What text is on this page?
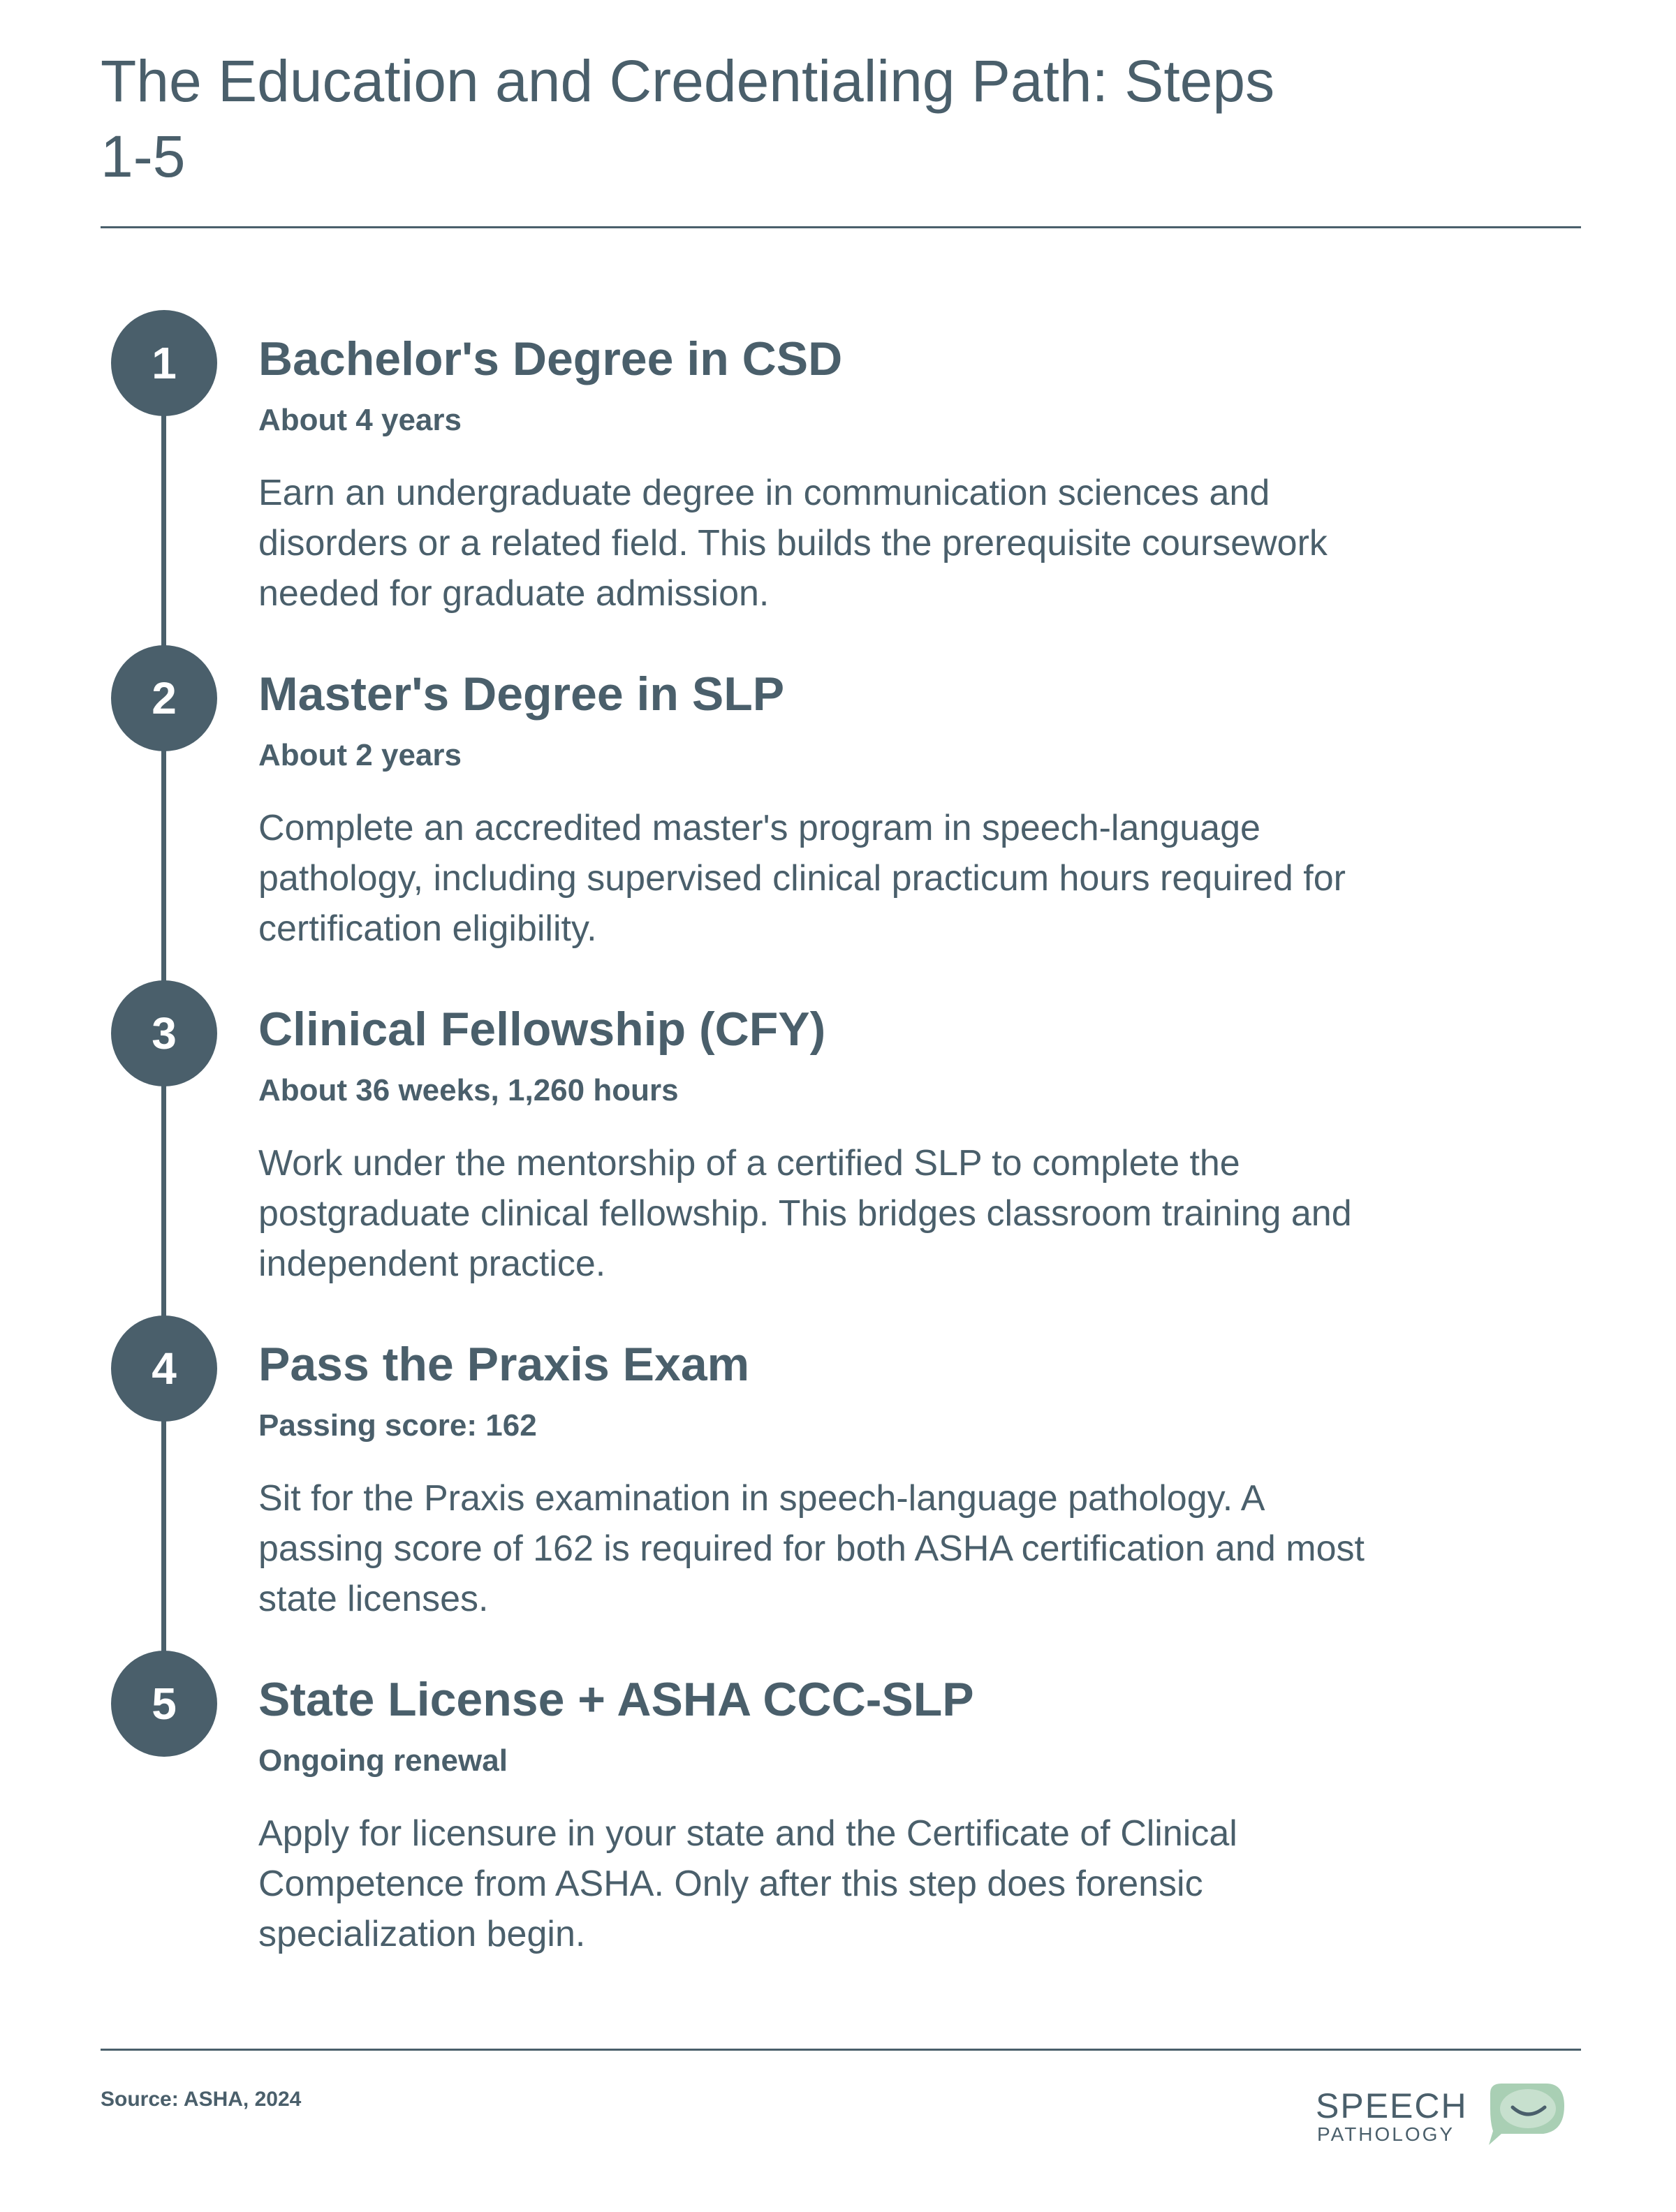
The Education and Credentialing Path: Steps 1-5
1	Bachelor's Degree in CSD
About 4 years

Earn an undergraduate degree in communication sciences and disorders or a related field. This builds the prerequisite coursework needed for graduate admission.

2	Master's Degree in SLP
About 2 years

Complete an accredited master's program in speech-language pathology, including supervised clinical practicum hours required for certification eligibility.

3	Clinical Fellowship (CFY)
About 36 weeks, 1,260 hours

Work under the mentorship of a certified SLP to complete the postgraduate clinical fellowship. This bridges classroom training and independent practice.

4	Pass the Praxis Exam
Passing score: 162

Sit for the Praxis examination in speech-language pathology. A passing score of 162 is required for both ASHA certification and most state licenses.

5	State License + ASHA CCC-SLP
Ongoing renewal

Apply for licensure in your state and the Certificate of Clinical Competence from ASHA. Only after this step does forensic specialization begin.

Source: ASHA, 2024	SPEECH
PATHOLOGY
